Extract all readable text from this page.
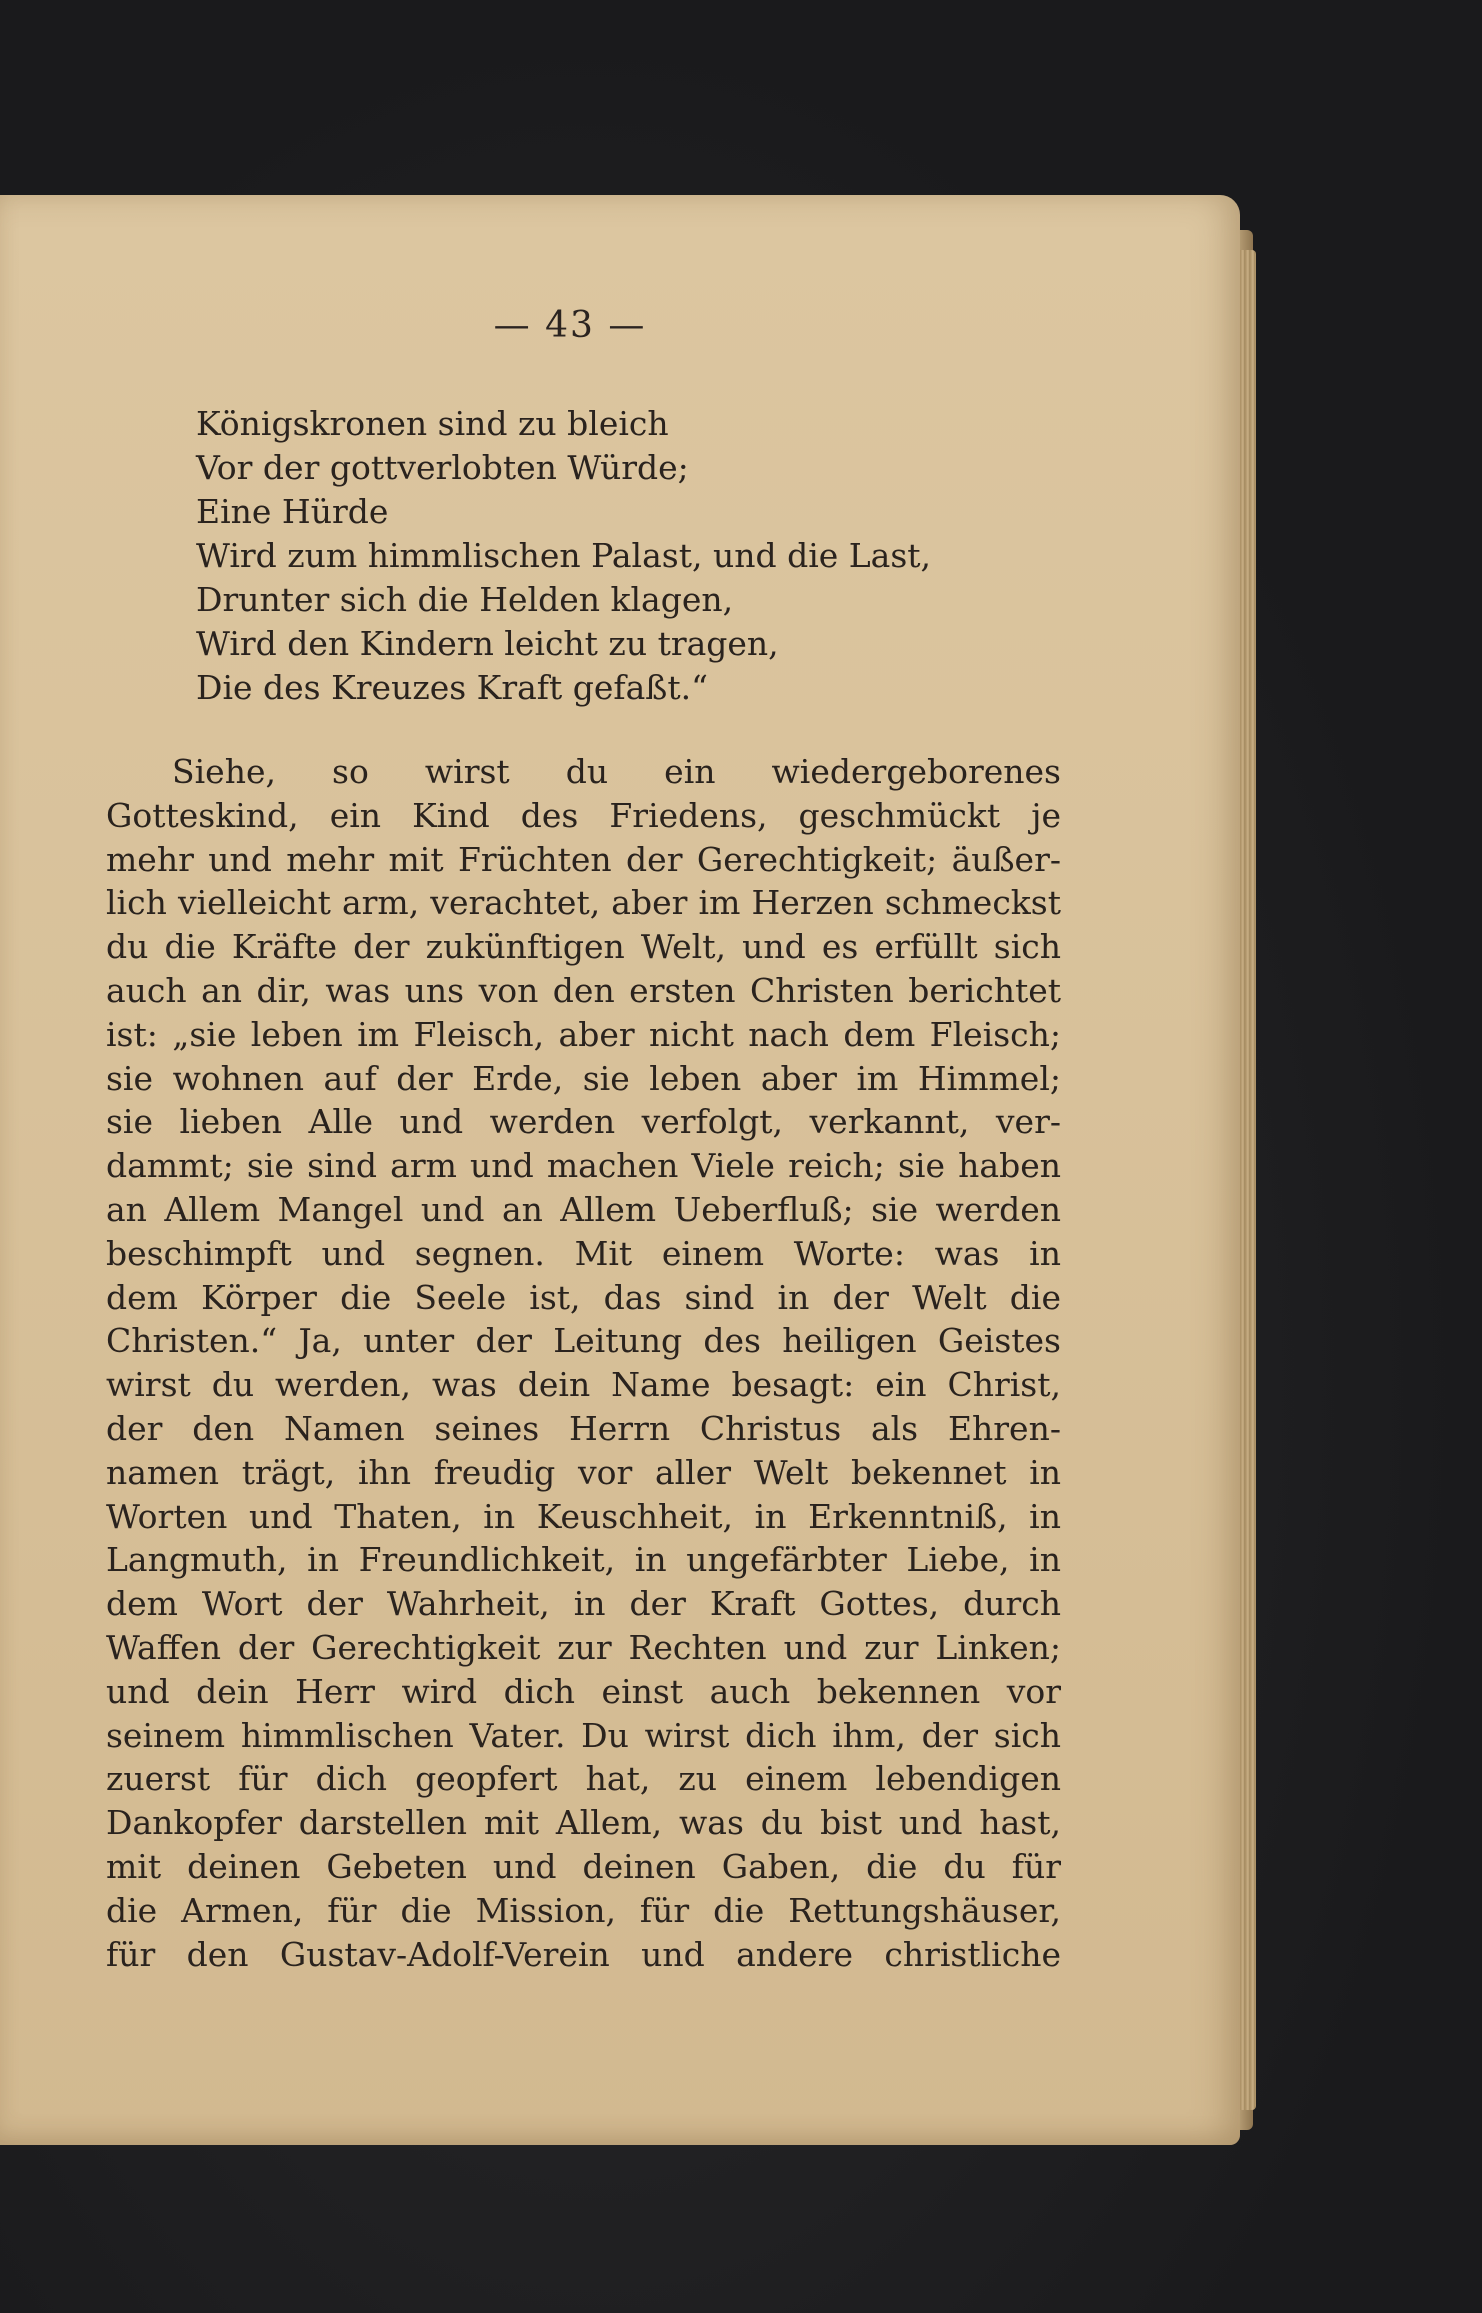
— 43 —
Königskronen sind zu bleich
Vor der gottverlobten Würde;
Eine Hürde
Wird zum himmlischen Palast, und die Last,
Drunter sich die Helden klagen,
Wird den Kindern leicht zu tragen,
Die des Kreuzes Kraft gefaßt.“
Siehe, so wirst du ein wiedergeborenes
Gotteskind, ein Kind des Friedens, geschmückt je
mehr und mehr mit Früchten der Gerechtigkeit; äußer-
lich vielleicht arm, verachtet, aber im Herzen schmeckst
du die Kräfte der zukünftigen Welt, und es erfüllt sich
auch an dir, was uns von den ersten Christen berichtet
ist: „sie leben im Fleisch, aber nicht nach dem Fleisch;
sie wohnen auf der Erde, sie leben aber im Himmel;
sie lieben Alle und werden verfolgt, verkannt, ver-
dammt; sie sind arm und machen Viele reich; sie haben
an Allem Mangel und an Allem Ueberfluß; sie werden
beschimpft und segnen. Mit einem Worte: was in
dem Körper die Seele ist, das sind in der Welt die
Christen.“ Ja, unter der Leitung des heiligen Geistes
wirst du werden, was dein Name besagt: ein Christ,
der den Namen seines Herrn Christus als Ehren-
namen trägt, ihn freudig vor aller Welt bekennet in
Worten und Thaten, in Keuschheit, in Erkenntniß, in
Langmuth, in Freundlichkeit, in ungefärbter Liebe, in
dem Wort der Wahrheit, in der Kraft Gottes, durch
Waffen der Gerechtigkeit zur Rechten und zur Linken;
und dein Herr wird dich einst auch bekennen vor
seinem himmlischen Vater. Du wirst dich ihm, der sich
zuerst für dich geopfert hat, zu einem lebendigen
Dankopfer darstellen mit Allem, was du bist und hast,
mit deinen Gebeten und deinen Gaben, die du für
die Armen, für die Mission, für die Rettungshäuser,
für den Gustav-Adolf-Verein und andere christliche
